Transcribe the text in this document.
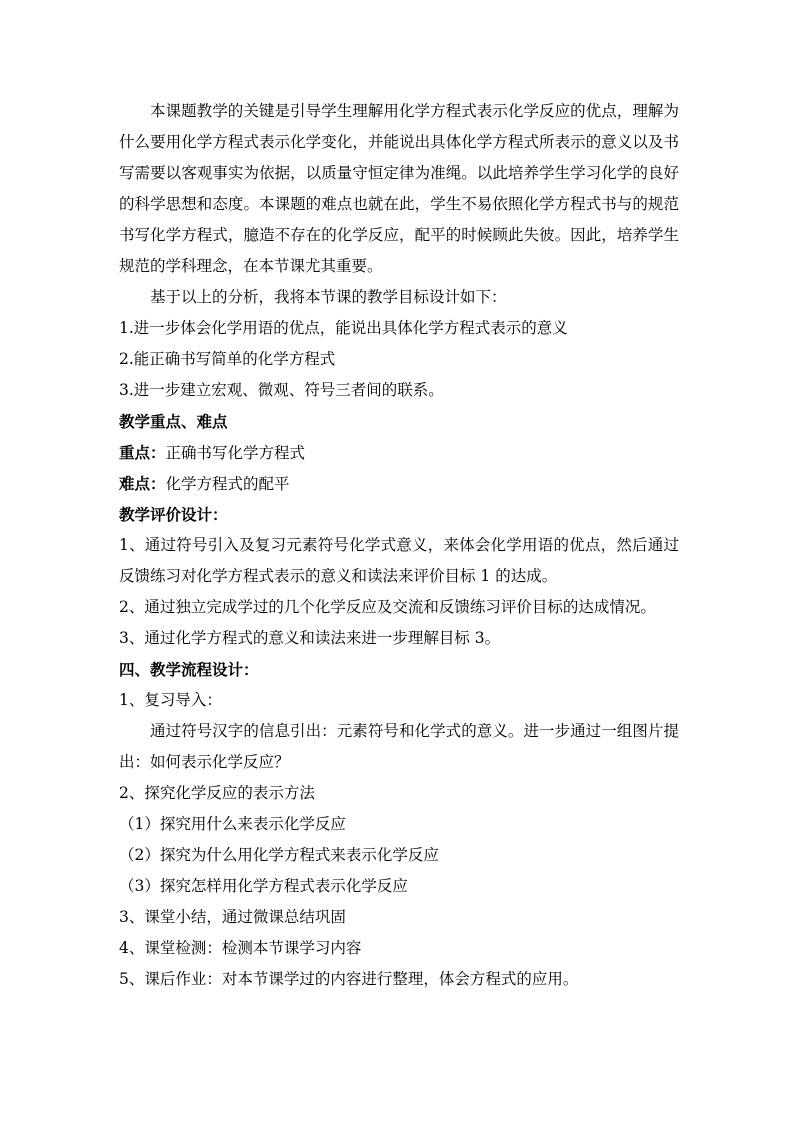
本课题教学的关键是引导学生理解用化学方程式表示化学反应的优点，理解为什么要用化学方程式表示化学变化，并能说出具体化学方程式所表示的意义以及书写需要以客观事实为依据，以质量守恒定律为准绳。以此培养学生学习化学的良好的科学思想和态度。本课题的难点也就在此，学生不易依照化学方程式书与的规范书写化学方程式，臆造不存在的化学反应，配平的时候顾此失彼。因此，培养学生规范的学科理念，在本节课尤其重要。

基于以上的分析，我将本节课的教学目标设计如下：

1.进一步体会化学用语的优点，能说出具体化学方程式表示的意义

2.能正确书写简单的化学方程式

3.进一步建立宏观、微观、符号三者间的联系。

教学重点、难点

重点：正确书写化学方程式

难点：化学方程式的配平

教学评价设计：

1、通过符号引入及复习元素符号化学式意义，来体会化学用语的优点，然后通过反馈练习对化学方程式表示的意义和读法来评价目标 1 的达成。

2、通过独立完成学过的几个化学反应及交流和反馈练习评价目标的达成情况。

3、通过化学方程式的意义和读法来进一步理解目标 3。

四、教学流程设计：

1、复习导入：

通过符号汉字的信息引出：元素符号和化学式的意义。进一步通过一组图片提出：如何表示化学反应？

2、探究化学反应的表示方法

（1）探究用什么来表示化学反应

（2）探究为什么用化学方程式来表示化学反应

（3）探究怎样用化学方程式表示化学反应

3、课堂小结，通过微课总结巩固

4、课堂检测：检测本节课学习内容

5、课后作业：对本节课学过的内容进行整理，体会方程式的应用。
